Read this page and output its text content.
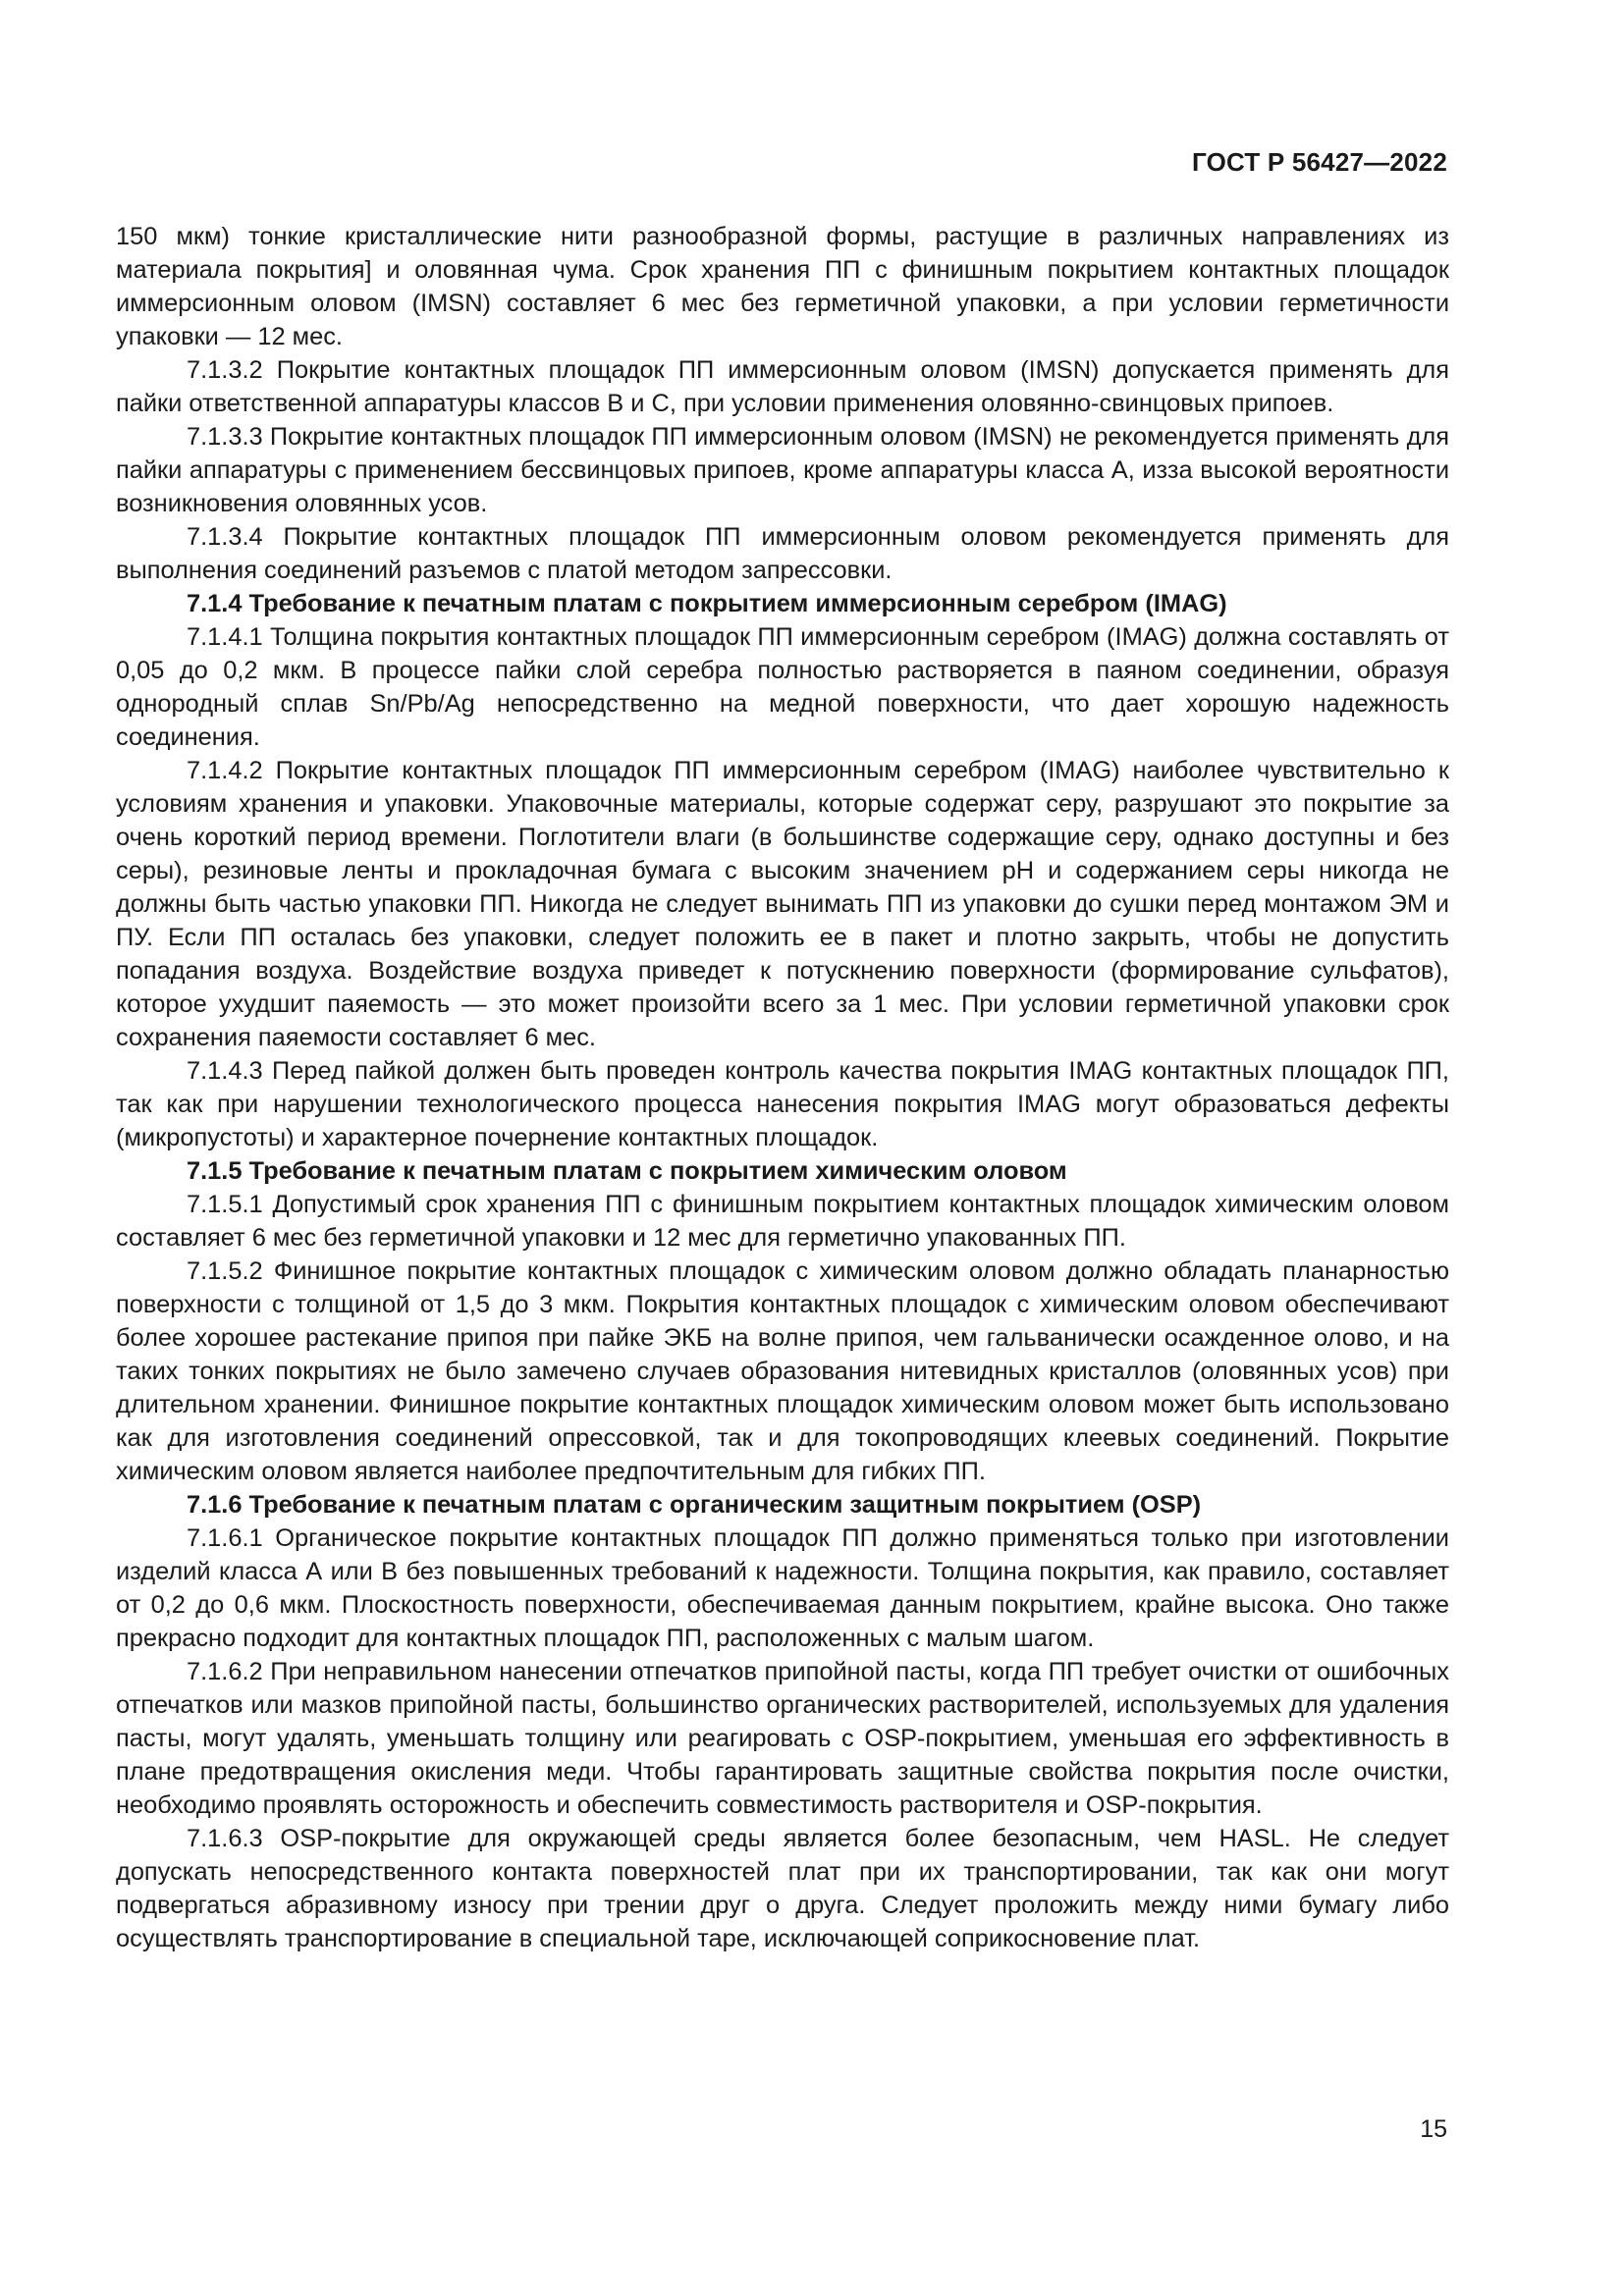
ГОСТ Р 56427—2022

150 мкм) тонкие кристаллические нити разнообразной формы, растущие в различных направлениях из материала покрытия] и оловянная чума. Срок хранения ПП с финишным покрытием контактных площадок иммерсионным оловом (IMSN) составляет 6 мес без герметичной упаковки, а при условии герметичности упаковки — 12 мес.

7.1.3.2 Покрытие контактных площадок ПП иммерсионным оловом (IMSN) допускается применять для пайки ответственной аппаратуры классов В и С, при условии применения оловянно-свинцовых припоев.

7.1.3.3 Покрытие контактных площадок ПП иммерсионным оловом (IMSN) не рекомендуется применять для пайки аппаратуры с применением бессвинцовых припоев, кроме аппаратуры класса А, изза высокой вероятности возникновения оловянных усов.

7.1.3.4 Покрытие контактных площадок ПП иммерсионным оловом рекомендуется применять для выполнения соединений разъемов с платой методом запрессовки.

7.1.4 Требование к печатным платам с покрытием иммерсионным серебром (IMAG)

7.1.4.1 Толщина покрытия контактных площадок ПП иммерсионным серебром (IMAG) должна составлять от 0,05 до 0,2 мкм. В процессе пайки слой серебра полностью растворяется в паяном соединении, образуя однородный сплав Sn/Pb/Ag непосредственно на медной поверхности, что дает хорошую надежность соединения.

7.1.4.2 Покрытие контактных площадок ПП иммерсионным серебром (IMAG) наиболее чувствительно к условиям хранения и упаковки. Упаковочные материалы, которые содержат серу, разрушают это покрытие за очень короткий период времени. Поглотители влаги (в большинстве содержащие серу, однако доступны и без серы), резиновые ленты и прокладочная бумага с высоким значением pH и содержанием серы никогда не должны быть частью упаковки ПП. Никогда не следует вынимать ПП из упаковки до сушки перед монтажом ЭМ и ПУ. Если ПП осталась без упаковки, следует положить ее в пакет и плотно закрыть, чтобы не допустить попадания воздуха. Воздействие воздуха приведет к потускнению поверхности (формирование сульфатов), которое ухудшит паяемость — это может произойти всего за 1 мес. При условии герметичной упаковки срок сохранения паяемости составляет 6 мес.

7.1.4.3 Перед пайкой должен быть проведен контроль качества покрытия IMAG контактных площадок ПП, так как при нарушении технологического процесса нанесения покрытия IMAG могут образоваться дефекты (микропустоты) и характерное почернение контактных площадок.

7.1.5 Требование к печатным платам с покрытием химическим оловом

7.1.5.1 Допустимый срок хранения ПП с финишным покрытием контактных площадок химическим оловом составляет 6 мес без герметичной упаковки и 12 мес для герметично упакованных ПП.

7.1.5.2 Финишное покрытие контактных площадок с химическим оловом должно обладать планарностью поверхности с толщиной от 1,5 до 3 мкм. Покрытия контактных площадок с химическим оловом обеспечивают более хорошее растекание припоя при пайке ЭКБ на волне припоя, чем гальванически осажденное олово, и на таких тонких покрытиях не было замечено случаев образования нитевидных кристаллов (оловянных усов) при длительном хранении. Финишное покрытие контактных площадок химическим оловом может быть использовано как для изготовления соединений опрессовкой, так и для токопроводящих клеевых соединений. Покрытие химическим оловом является наиболее предпочтительным для гибких ПП.

7.1.6 Требование к печатным платам с органическим защитным покрытием (OSP)

7.1.6.1 Органическое покрытие контактных площадок ПП должно применяться только при изготовлении изделий класса А или В без повышенных требований к надежности. Толщина покрытия, как правило, составляет от 0,2 до 0,6 мкм. Плоскостность поверхности, обеспечиваемая данным покрытием, крайне высока. Оно также прекрасно подходит для контактных площадок ПП, расположенных с малым шагом.

7.1.6.2 При неправильном нанесении отпечатков припойной пасты, когда ПП требует очистки от ошибочных отпечатков или мазков припойной пасты, большинство органических растворителей, используемых для удаления пасты, могут удалять, уменьшать толщину или реагировать с OSP-покрытием, уменьшая его эффективность в плане предотвращения окисления меди. Чтобы гарантировать защитные свойства покрытия после очистки, необходимо проявлять осторожность и обеспечить совместимость растворителя и OSP-покрытия.

7.1.6.3 OSP-покрытие для окружающей среды является более безопасным, чем HASL. Не следует допускать непосредственного контакта поверхностей плат при их транспортировании, так как они могут подвергаться абразивному износу при трении друг о друга. Следует проложить между ними бумагу либо осуществлять транспортирование в специальной таре, исключающей соприкосновение плат.

15
